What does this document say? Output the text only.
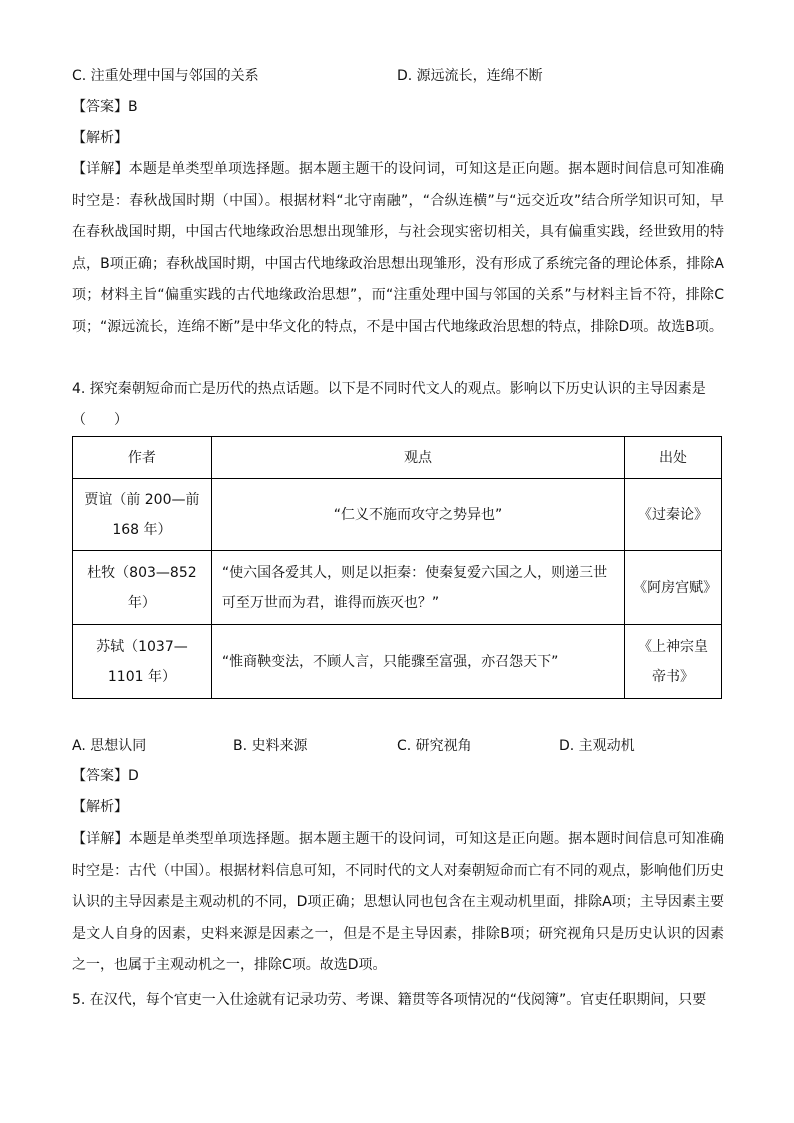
C. 注重处理中国与邻国的关系	D. 源远流长，连绵不断
【答案】B
【解析】
【详解】本题是单类型单项选择题。据本题主题干的设问词，可知这是正向题。据本题时间信息可知准确时空是：春秋战国时期（中国）。根据材料“北守南融”，“合纵连横”与“远交近攻”结合所学知识可知，早在春秋战国时期，中国古代地缘政治思想出现雏形，与社会现实密切相关，具有偏重实践，经世致用的特点，B项正确；春秋战国时期，中国古代地缘政治思想出现雏形，没有形成了系统完备的理论体系，排除A项；材料主旨“偏重实践的古代地缘政治思想”，而“注重处理中国与邻国的关系”与材料主旨不符，排除C项；“源远流长，连绵不断”是中华文化的特点，不是中国古代地缘政治思想的特点，排除D项。故选B项。
4. 探究秦朝短命而亡是历代的热点话题。以下是不同时代文人的观点。影响以下历史认识的主导因素是
（　　）
作者	观点	出处
贾谊（前 200—前 168 年）	“仁义不施而攻守之势异也”	《过秦论》
杜牧（803—852 年）	“使六国各爱其人，则足以拒秦：使秦复爱六国之人，则递三世可至万世而为君，谁得而族灭也？”	《阿房宫赋》
苏轼（1037—1101 年）	“惟商鞅变法，不顾人言，只能骤至富强，亦召怨天下”	《上神宗皇帝书》
A. 思想认同	B. 史料来源	C. 研究视角	D. 主观动机
【答案】D
【解析】
【详解】本题是单类型单项选择题。据本题主题干的设问词，可知这是正向题。据本题时间信息可知准确时空是：古代（中国）。根据材料信息可知，不同时代的文人对秦朝短命而亡有不同的观点，影响他们历史认识的主导因素是主观动机的不同，D项正确；思想认同也包含在主观动机里面，排除A项；主导因素主要是文人自身的因素，史料来源是因素之一，但是不是主导因素，排除B项；研究视角只是历史认识的因素之一，也属于主观动机之一，排除C项。故选D项。
5. 在汉代，每个官吏一入仕途就有记录功劳、考课、籍贯等各项情况的“伐阅簿”。官吏任职期间，只要
